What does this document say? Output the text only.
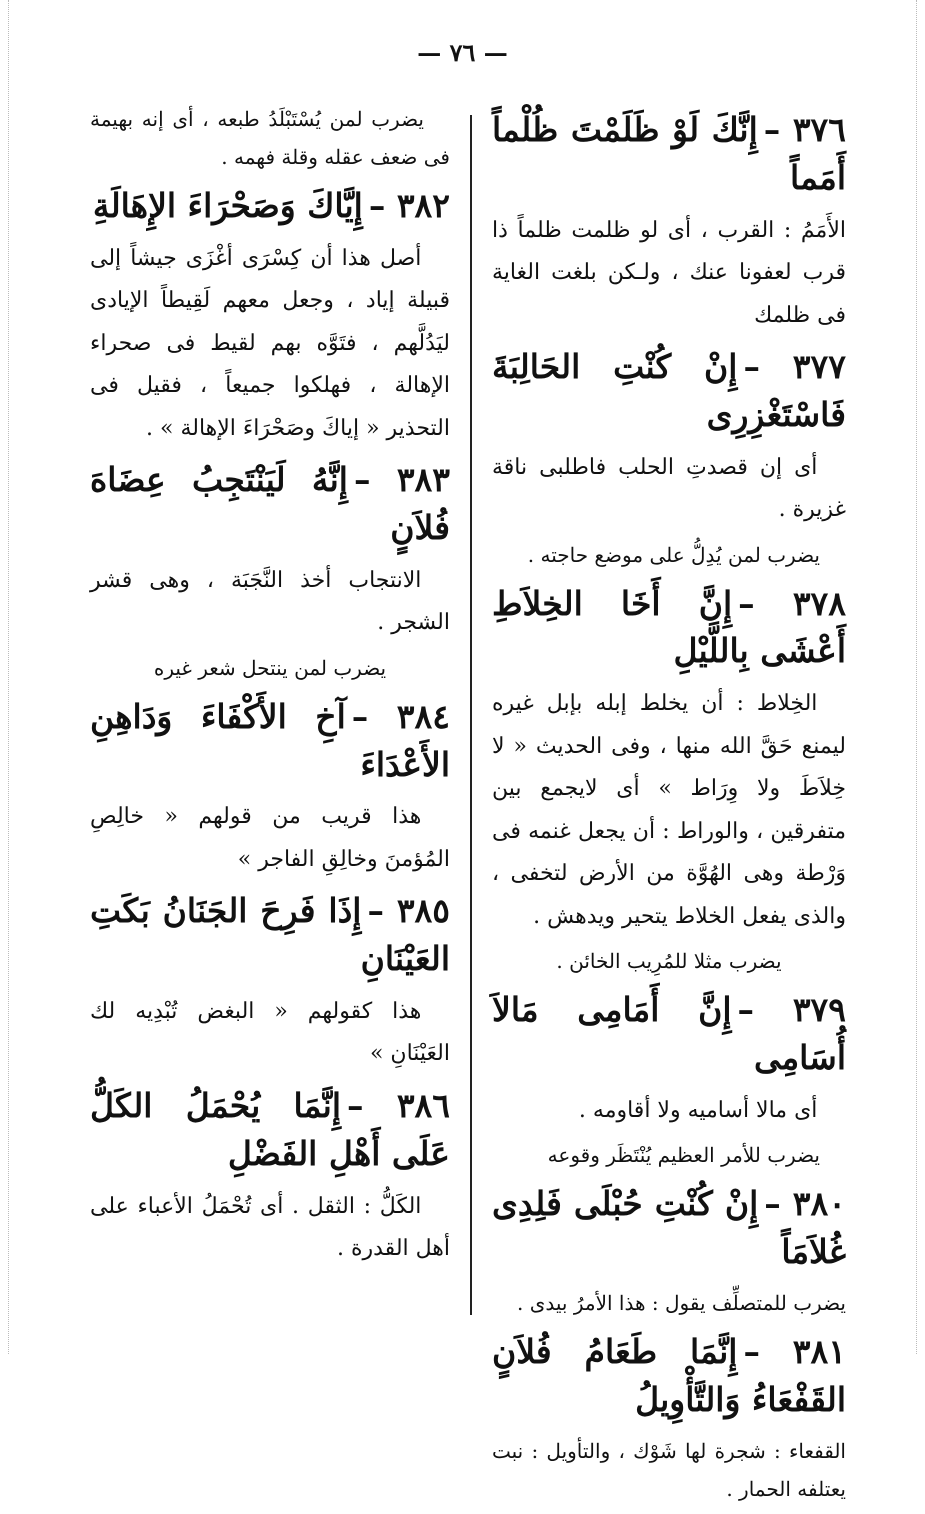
— ٧٦ —
٣٧٦ –إِنَّكَ لَوْ ظَلَمْتَ ظُلْماً أَمَماً
الأَمَمُ : القرب ، أى لو ظلمت ظلماً ذا قرب لعفونا عنك ، ولـكن بلغت الغاية فى ظلمك
٣٧٧ –إِنْ كُنْتِ الحَالِبَةَ فَاسْتَغْزِرِى
أى إن قصدتِ الحلب فاطلبى ناقة غزيرة .
يضرب لمن يُدِلُّ على موضع حاجته .
٣٧٨ –إِنَّ أَخَا الخِلاَطِ أَعْشَى بِاللَّيْلِ
الخِلاط : أن يخلط إبله بإبل غيره ليمنع حَقَّ الله منها ، وفى الحديث « لا خِلاَطَ ولا وِرَاط » أى لايجمع بين متفرقين ، والوراط : أن يجعل غنمه فى وَرْطة وهى الهُوَّة من الأرض لتخفى ، والذى يفعل الخلاط يتحير ويدهش .
يضرب مثلا للمُرِيب الخائن .
٣٧٩ –إِنَّ أَمَامِى مَالاَ أُسَامِى
أى مالا أساميه ولا أقاومه .
يضرب للأمر العظيم يُنْتَظَر وقوعه
٣٨٠ –إِنْ كُنْتِ حُبْلَى فَلِدِى غُلاَمَاً
يضرب للمتصلِّف يقول : هذا الأمرُ بيدى .
٣٨١ –إِنَّمَا طَعَامُ فُلاَنٍ القَفْعَاءُ وَالتَّأْوِيلُ
القفعاء : شجرة لها شَوْك ، والتأويل : نبت يعتلفه الحمار .
يضرب لمن يُسْتَبْلَدُ طبعه ، أى إنه بهيمة فى ضعف عقله وقلة فهمه .
٣٨٢ –إِيَّاكَ وَصَحْرَاءَ الإِهَالَةِ
أصل هذا أن كِسْرَى أغْزَى جيشاً إلى قبيلة إياد ، وجعل معهم لَقِيطاً الإيادى ليَدُلَّهم ، فتَوَّه بهم لقيط فى صحراء الإهالة ، فهلكوا جميعاً ، فقيل فى التحذير « إياكَ وصَحْرَاءَ الإهالة » .
٣٨٣ –إِنَّهُ لَيَنْتَجِبُ عِضَاهَ فُلاَنٍ
الانتجاب أخذ النَّجَبَة ، وهى قشر الشجر .
يضرب لمن ينتحل شعر غيره
٣٨٤ –آخِ الأَكْفَاءَ وَدَاهِنِ الأَعْدَاءَ
هذا قريب من قولهم « خالِصِ المُؤمنَ وخالِقِ الفاجر »
٣٨٥ –إِذَا فَرِحَ الجَنَانُ بَكَتِ العَيْنَانِ
هذا كقولهم « البغض تُبْدِيه لك العَيْنَانِ »
٣٨٦ –إِنَّمَا يُحْمَلُ الكَلُّ عَلَى أَهْلِ الفَضْلِ
الكَلُّ : الثقل . أى تُحْمَلُ الأعباء على أهل القدرة .
